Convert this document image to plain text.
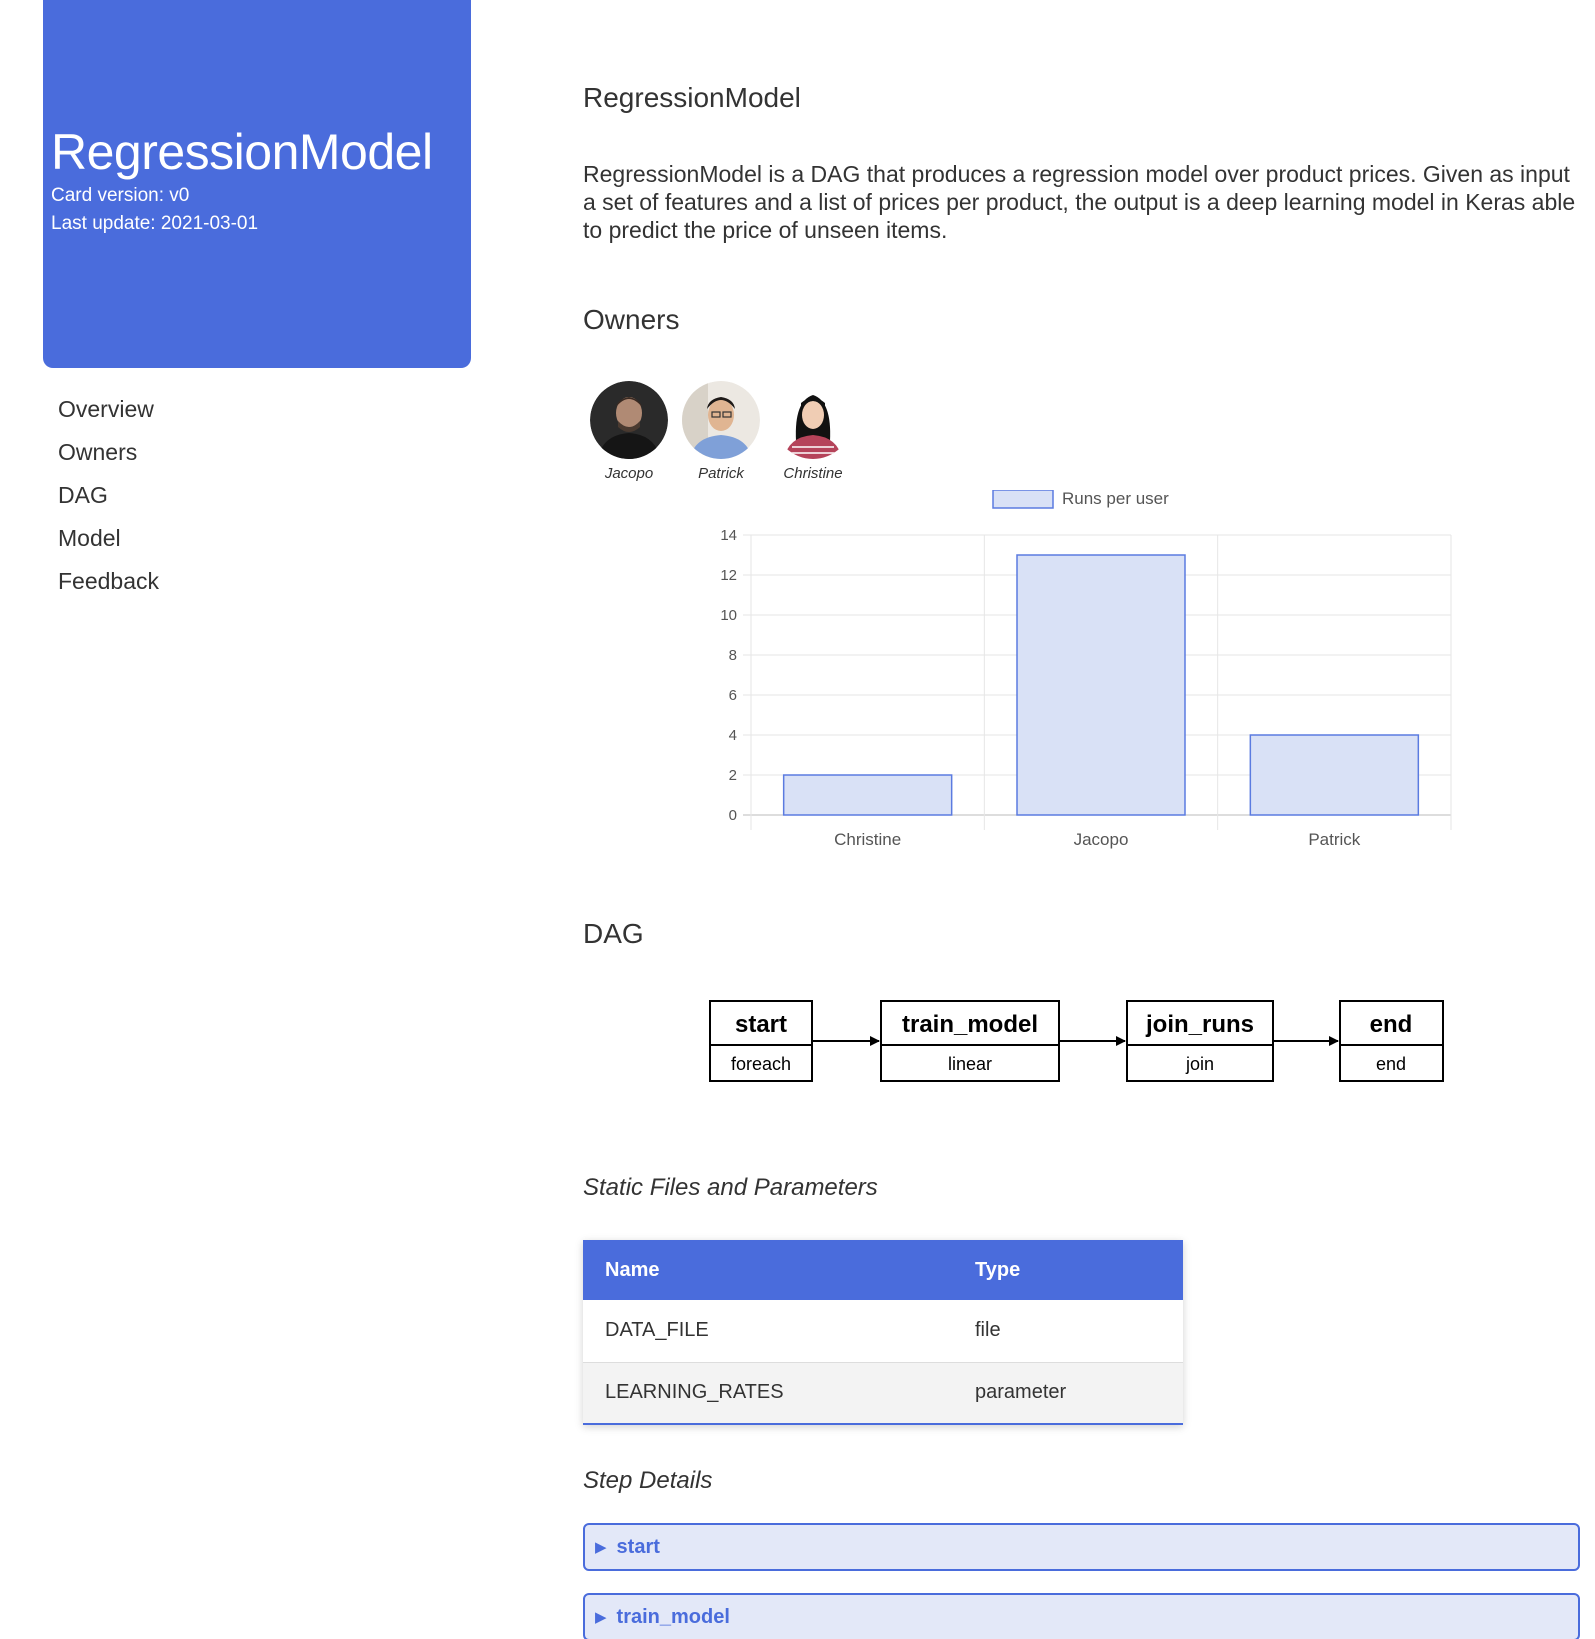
RegressionModel
Card version: v0
Last update: 2021-03-01
Overview
Owners
DAG
Model
Feedback
RegressionModel

RegressionModel is a DAG that produces a regression model over product prices. Given as input a set of features and a list of prices per product, the output is a deep learning model in Keras able to predict the price of unseen items.

Owners
Jacopo	Patrick	Christine
0
2
4
6
8
10
12
14
Christine	Jacopo	Patrick
Runs per user
DAG
start
foreach
train_model
linear
join_runs
join
end
end
Static Files and Parameters
Name	Type
DATA_FILE	file
LEARNING_RATES	parameter
Step Details
▶ start
▶ train_model
